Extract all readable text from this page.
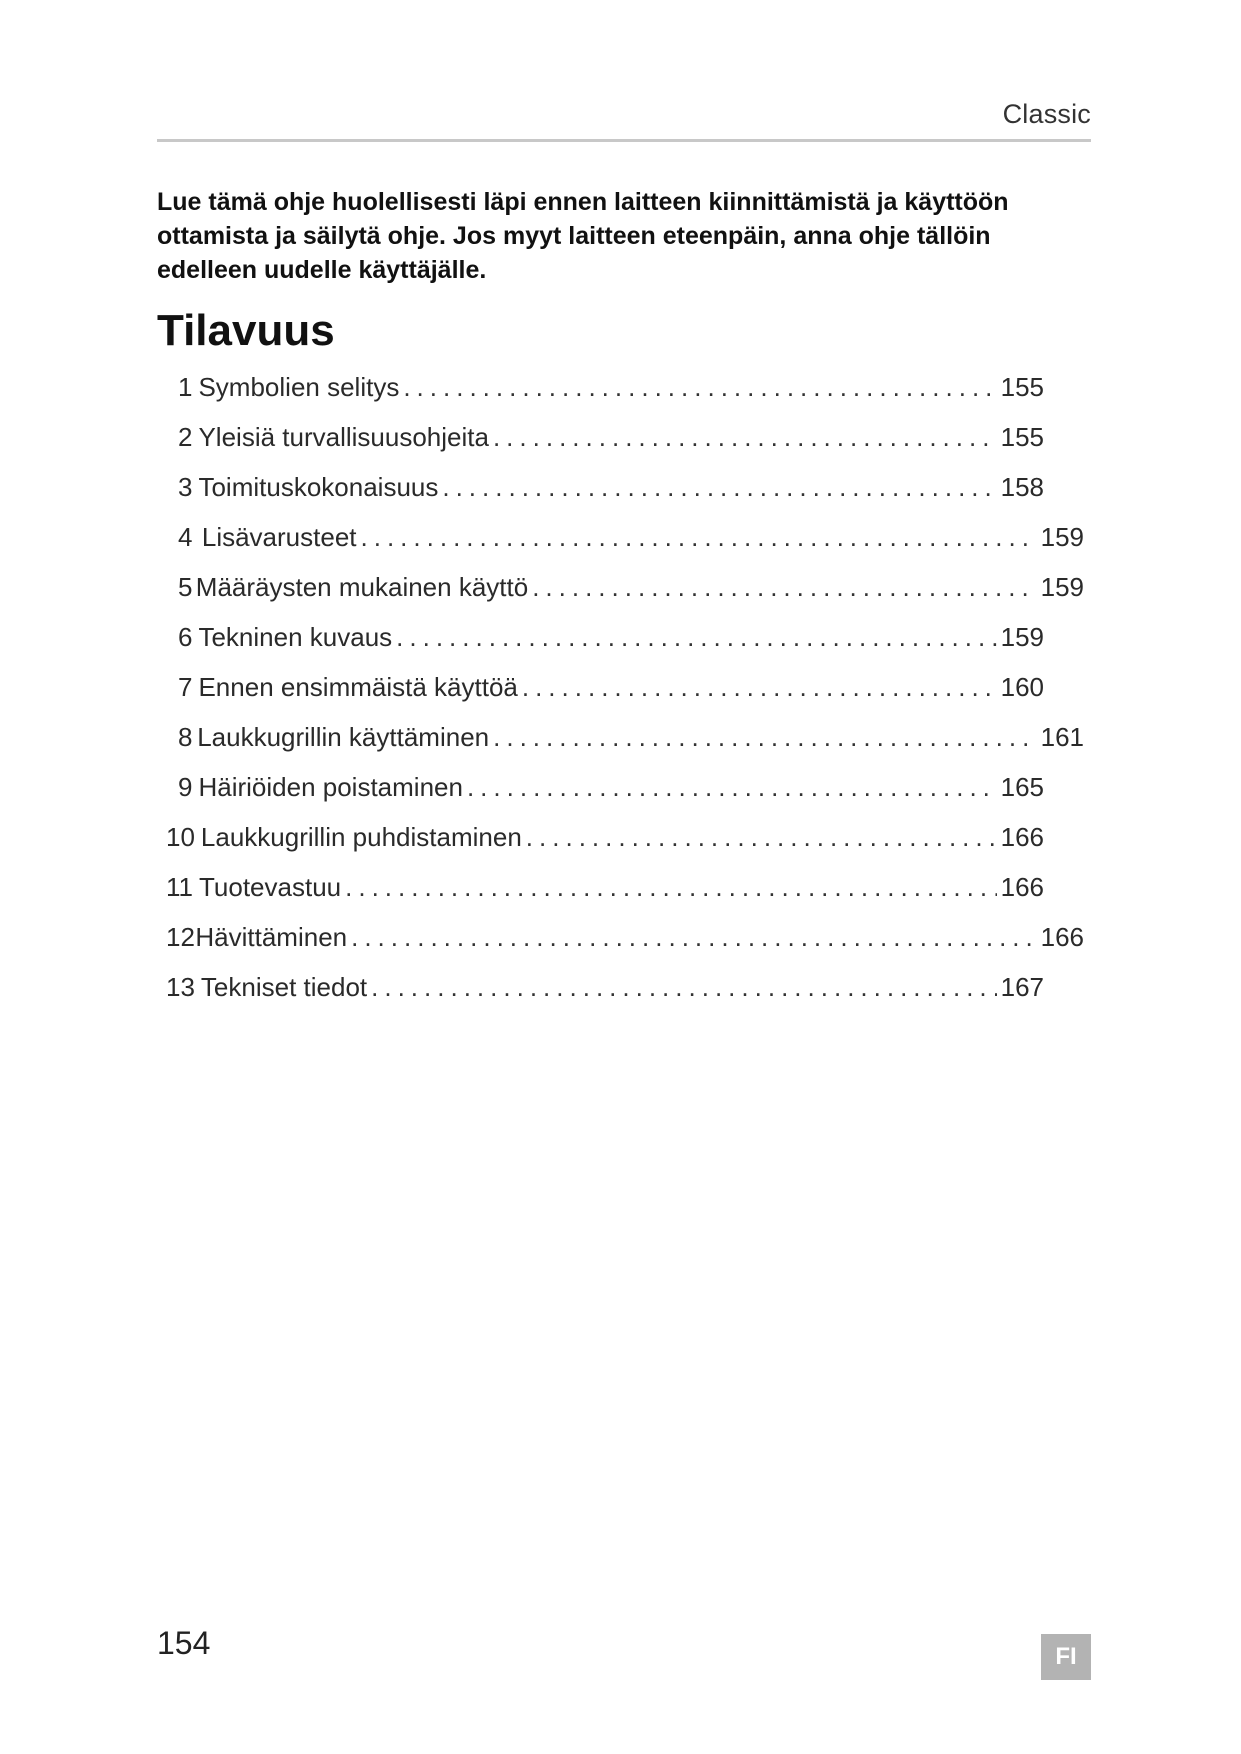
Classic

Lue tämä ohje huolellisesti läpi ennen laitteen kiinnittämistä ja käyttöön ottamista ja säilytä ohje. Jos myyt laitteen eteenpäin, anna ohje tällöin edelleen uudelle käyttäjälle.

Tilavuus
1 Symbolien selitys .....	155
2 Yleisiä turvallisuusohjeita .....	155
3 Toimituskokonaisuus .....	158
4 Lisävarusteet .....	159
5 Määräysten mukainen käyttö .....	159
6 Tekninen kuvaus .....	159
7 Ennen ensimmäistä käyttöä .....	160
8 Laukkugrillin käyttäminen .....	161
9 Häiriöiden poistaminen .....	165
10 Laukkugrillin puhdistaminen .....	166
11 Tuotevastuu .....	166
12 Hävittäminen .....	166
13 Tekniset tiedot .....	167
154	FI
